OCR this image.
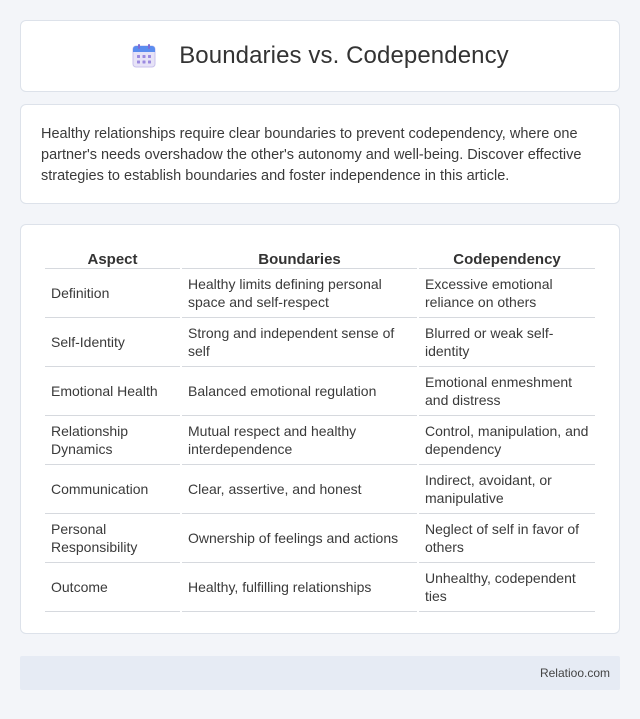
Boundaries vs. Codependency

Healthy relationships require clear boundaries to prevent codependency, where one partner's needs overshadow the other's autonomy and well-being. Discover effective strategies to establish boundaries and foster independence in this article.

Aspect	Boundaries	Codependency
Definition	Healthy limits defining personal space and self-respect	Excessive emotional reliance on others
Self-Identity	Strong and independent sense of self	Blurred or weak self-identity
Emotional Health	Balanced emotional regulation	Emotional enmeshment and distress
Relationship Dynamics	Mutual respect and healthy interdependence	Control, manipulation, and dependency
Communication	Clear, assertive, and honest	Indirect, avoidant, or manipulative
Personal Responsibility	Ownership of feelings and actions	Neglect of self in favor of others
Outcome	Healthy, fulfilling relationships	Unhealthy, codependent ties
Relatioo.com
